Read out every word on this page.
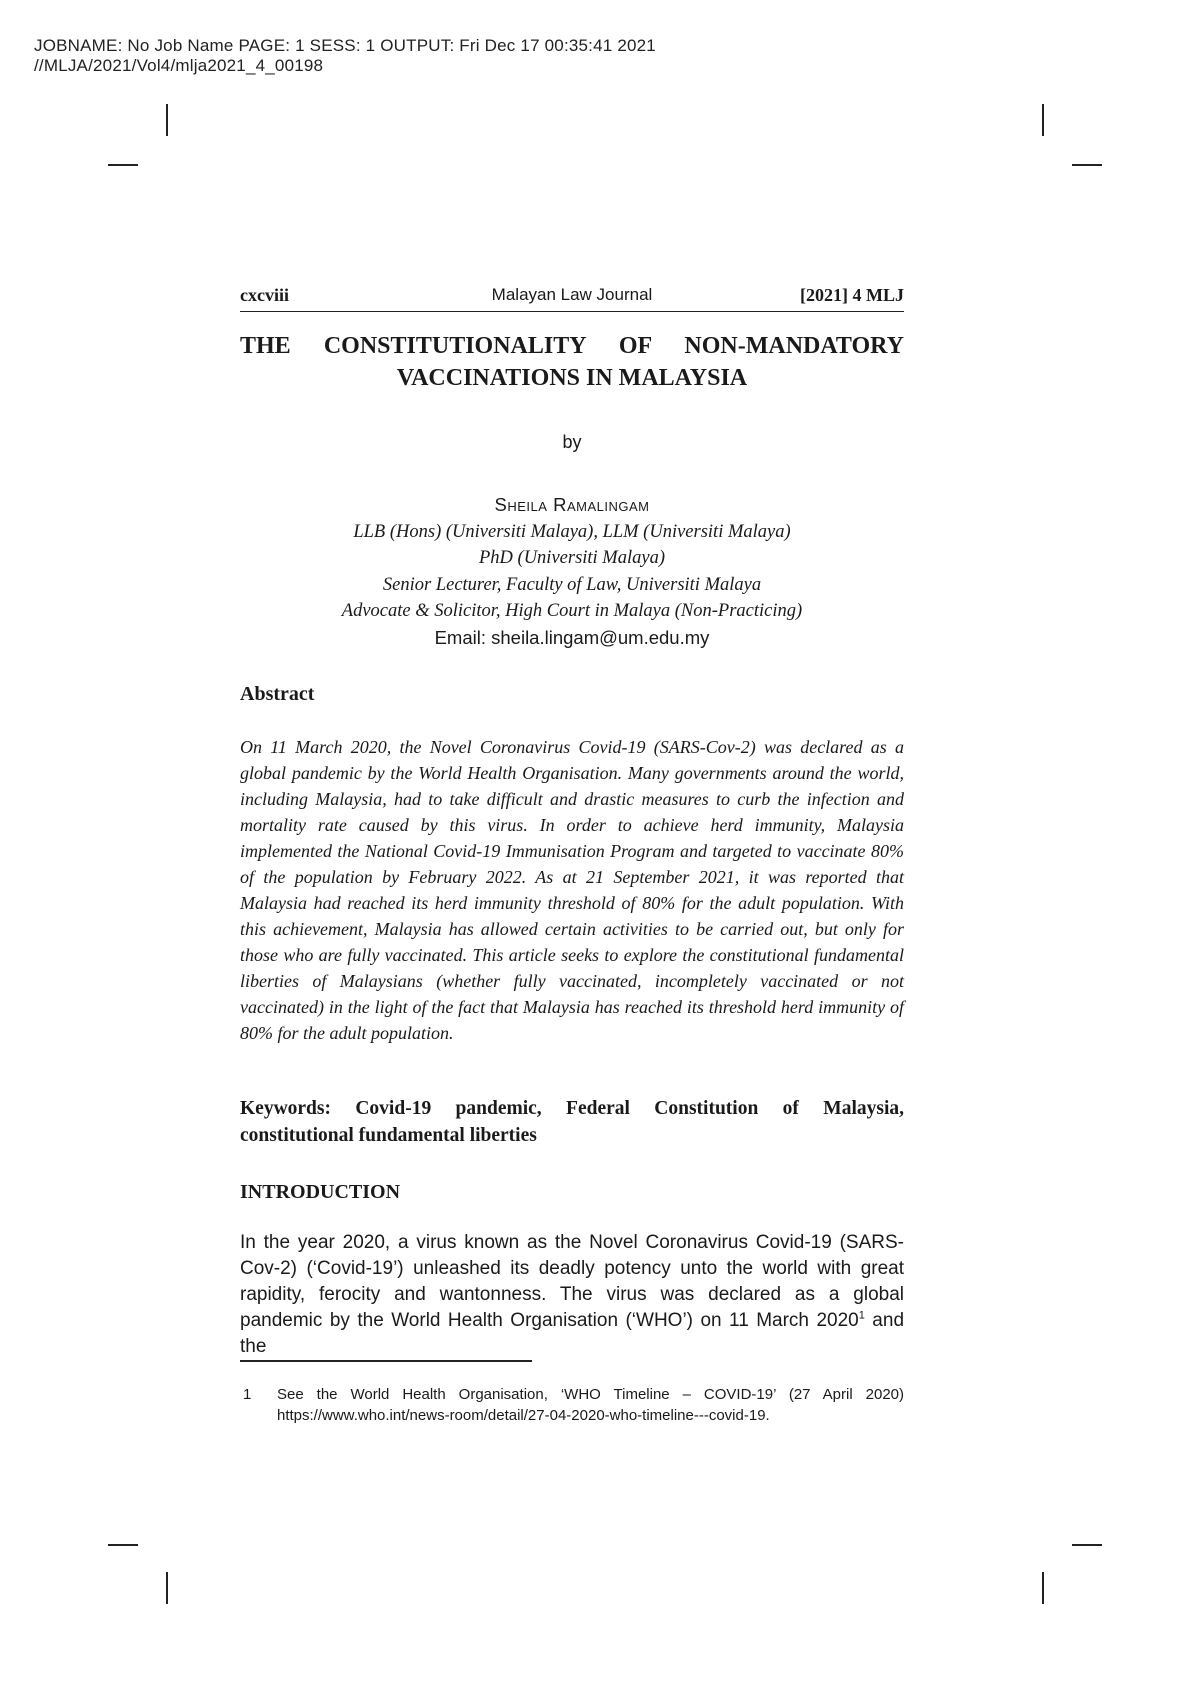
JOBNAME: No Job Name PAGE: 1 SESS: 1 OUTPUT: Fri Dec 17 00:35:41 2021
//MLJA/2021/Vol4/mlja2021_4_00198
cxcviii	Malayan Law Journal	[2021] 4 MLJ
THE CONSTITUTIONALITY OF NON-MANDATORY
VACCINATIONS IN MALAYSIA
by
Sheila Ramalingam
LLB (Hons) (Universiti Malaya), LLM (Universiti Malaya)
PhD (Universiti Malaya)
Senior Lecturer, Faculty of Law, Universiti Malaya
Advocate & Solicitor, High Court in Malaya (Non-Practicing)
Email: sheila.lingam@um.edu.my
Abstract

On 11 March 2020, the Novel Coronavirus Covid-19 (SARS-Cov-2) was declared as a global pandemic by the World Health Organisation. Many governments around the world, including Malaysia, had to take difficult and drastic measures to curb the infection and mortality rate caused by this virus. In order to achieve herd immunity, Malaysia implemented the National Covid-19 Immunisation Program and targeted to vaccinate 80% of the population by February 2022. As at 21 September 2021, it was reported that Malaysia had reached its herd immunity threshold of 80% for the adult population. With this achievement, Malaysia has allowed certain activities to be carried out, but only for those who are fully vaccinated. This article seeks to explore the constitutional fundamental liberties of Malaysians (whether fully vaccinated, incompletely vaccinated or not vaccinated) in the light of the fact that Malaysia has reached its threshold herd immunity of 80% for the adult population.

Keywords: Covid-19 pandemic, Federal Constitution of Malaysia, constitutional fundamental liberties

INTRODUCTION

In the year 2020, a virus known as the Novel Coronavirus Covid-19 (SARS-Cov-2) (‘Covid-19’) unleashed its deadly potency unto the world with great rapidity, ferocity and wantonness. The virus was declared as a global pandemic by the World Health Organisation (‘WHO’) on 11 March 2020$^1$ and the

1 See the World Health Organisation, ‘WHO Timeline – COVID-19’ (27 April 2020) https://www.who.int/news-room/detail/27-04-2020-who-timeline---covid-19.
